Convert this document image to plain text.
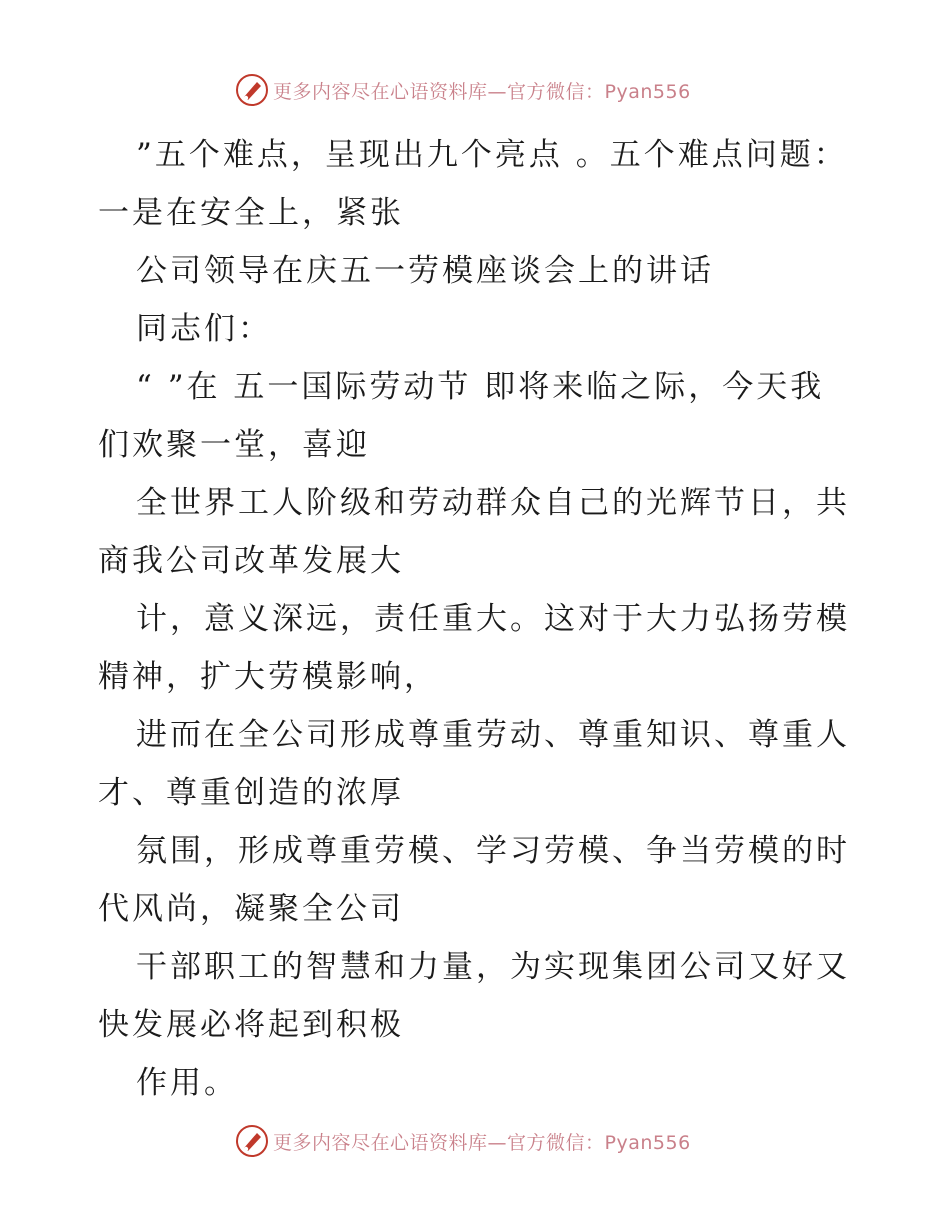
更多内容尽在心语资料库—官方微信：Pyan556

”五个难点，呈现出九个亮点 。五个难点问题：一是在安全上，紧张

公司领导在庆五一劳模座谈会上的讲话

同志们：

“ ”在 五一国际劳动节 即将来临之际，今天我们欢聚一堂，喜迎

全世界工人阶级和劳动群众自己的光辉节日，共商我公司改革发展大

计，意义深远，责任重大。这对于大力弘扬劳模精神，扩大劳模影响，

进而在全公司形成尊重劳动、尊重知识、尊重人才、尊重创造的浓厚

氛围，形成尊重劳模、学习劳模、争当劳模的时代风尚，凝聚全公司

干部职工的智慧和力量，为实现集团公司又好又快发展必将起到积极

作用。

更多内容尽在心语资料库—官方微信：Pyan556
